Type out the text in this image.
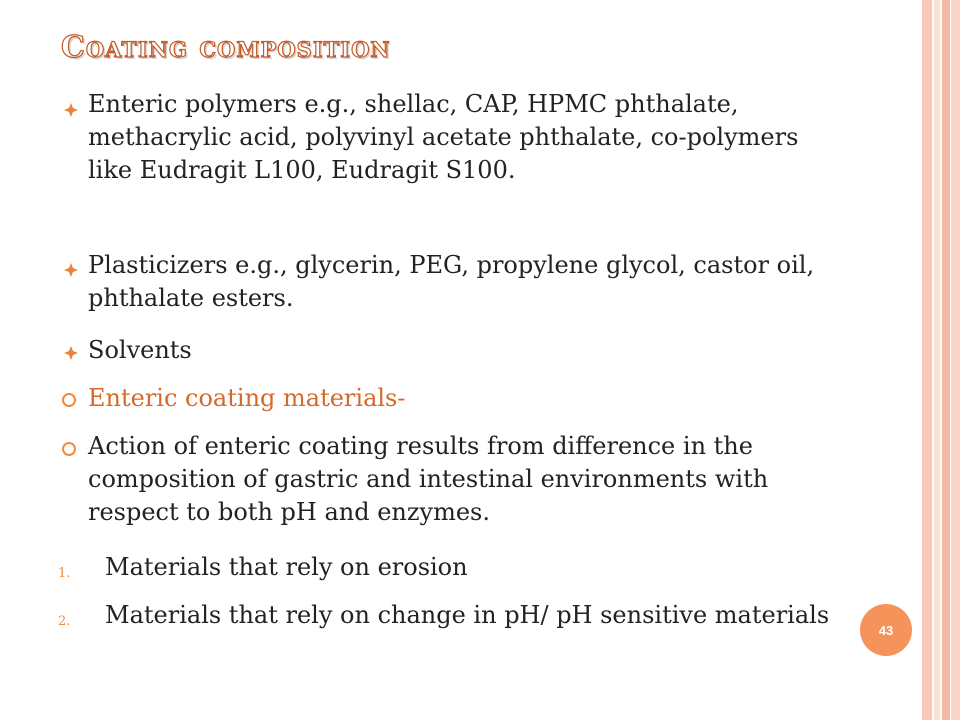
Coating composition
Enteric polymers e.g., shellac, CAP, HPMC phthalate, methacrylic acid, polyvinyl acetate phthalate, co-polymers like Eudragit L100, Eudragit S100.
Plasticizers e.g., glycerin, PEG, propylene glycol, castor oil, phthalate esters.
Solvents
Enteric coating materials-
Action of enteric coating results from difference in the composition of gastric and intestinal environments with respect to both pH and enzymes.
1.	Materials that rely on erosion
2.	Materials that rely on change in pH/ pH sensitive materials
43
